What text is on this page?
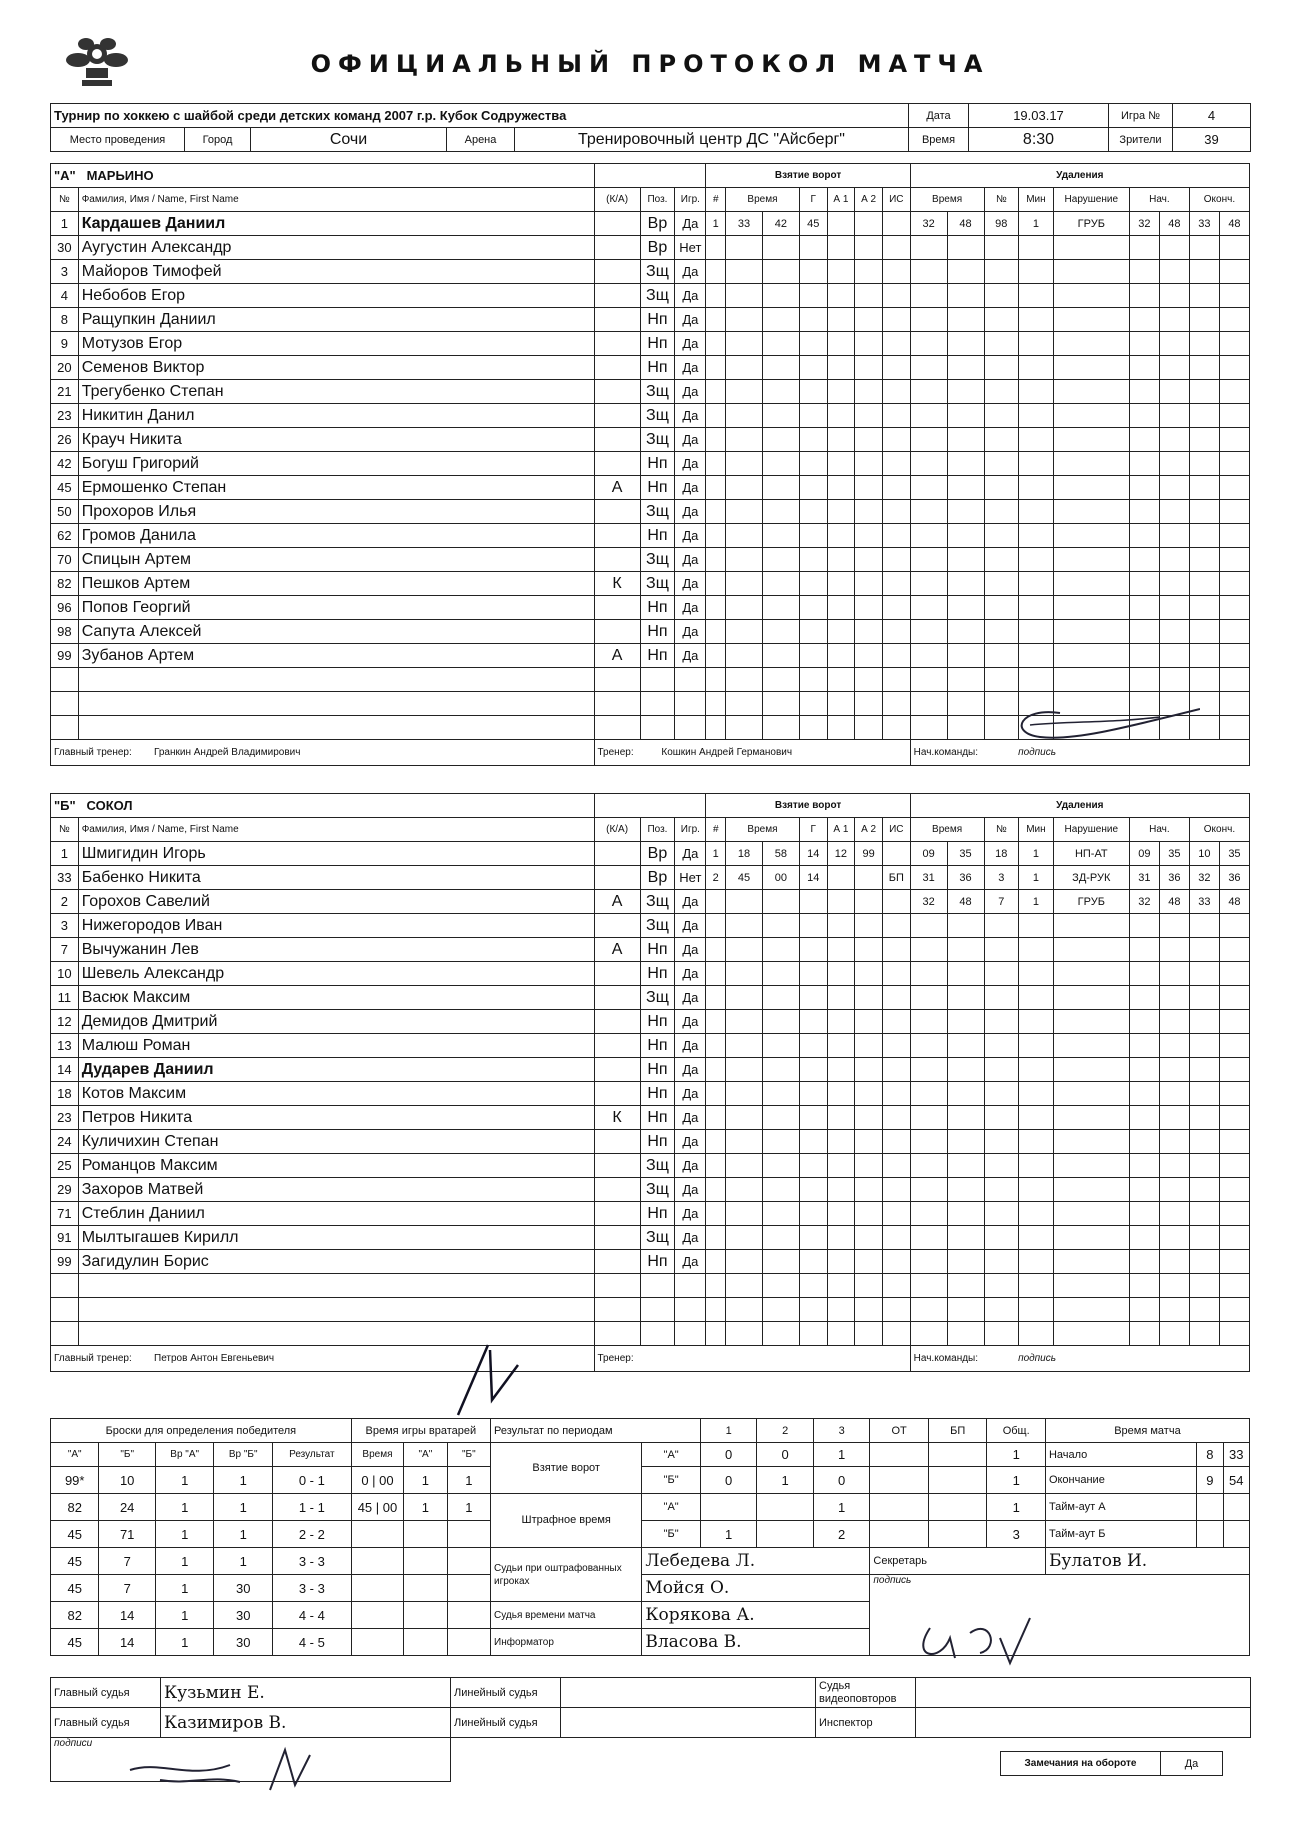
ОФИЦИАЛЬНЫЙ ПРОТОКОЛ МАТЧА
Турнир по хоккею с шайбой среди детских команд 2007 г.р. Кубок Содружества	Дата	19.03.17	Игра №	4
Место проведения	Город	Сочи	Арена	Тренировочный центр ДС "Айсберг"	Время	8:30	Зрители	39
"А" МАРЬИНО					Взятие ворот							Удаления								
№	Фамилия, Имя / Name, First Name	(К/А)	Поз.	Игр.	#	Время		Г	А 1	А 2	ИС	Время		№	Мин	Нарушение	Нач.		Оконч.	
1	Кардашев Даниил		Вр	Да	1	33	42	45				32	48	98	1	ГРУБ	32	48	33	48
30	Аугустин Александр		Вр	Нет																
3	Майоров Тимофей		Зщ	Да																
4	Небобов Егор		Зщ	Да																
8	Ращупкин Даниил		Нп	Да																
9	Мотузов Егор		Нп	Да																
20	Семенов Виктор		Нп	Да																
21	Трегубенко Степан		Зщ	Да																
23	Никитин Данил		Зщ	Да																
26	Крауч Никита		Зщ	Да																
42	Богуш Григорий		Нп	Да																
45	Ермошенко Степан	А	Нп	Да																
50	Прохоров Илья		Зщ	Да																
62	Громов Данила		Нп	Да																
70	Спицын Артем		Зщ	Да																
82	Пешков Артем	К	Зщ	Да																
96	Попов Георгий		Нп	Да																
98	Сапута Алексей		Нп	Да																
99	Зубанов Артем	А	Нп	Да																

Главный тренер: Гранкин Андрей Владимирович		Тренер: Кошкин Андрей Германович										Нач.команды: подпись								
"Б" СОКОЛ					Взятие ворот							Удаления								
№	Фамилия, Имя / Name, First Name	(К/А)	Поз.	Игр.	#	Время		Г	А 1	А 2	ИС	Время		№	Мин	Нарушение	Нач.		Оконч.	
1	Шмигидин Игорь		Вр	Да	1	18	58	14	12	99		09	35	18	1	НП-АТ	09	35	10	35
33	Бабенко Никита		Вр	Нет	2	45	00	14			БП	31	36	3	1	ЗД-РУК	31	36	32	36
2	Горохов Савелий	А	Зщ	Да								32	48	7	1	ГРУБ	32	48	33	48
3	Нижегородов Иван		Зщ	Да																
7	Вычужанин Лев	А	Нп	Да																
10	Шевель Александр		Нп	Да																
11	Васюк Максим		Зщ	Да																
12	Демидов Дмитрий		Нп	Да																
13	Малюш Роман		Нп	Да																
14	Дударев Даниил		Нп	Да																
18	Котов Максим		Нп	Да																
23	Петров Никита	К	Нп	Да																
24	Куличихин Степан		Нп	Да																
25	Романцов Максим		Зщ	Да																
29	Захоров Матвей		Зщ	Да																
71	Стеблин Даниил		Нп	Да																
91	Мылтыгашев Кирилл		Зщ	Да																
99	Загидулин Борис		Нп	Да																

Главный тренер: Петров Антон Евгеньевич		Тренер:										Нач.команды: подпись								
Броски для определения победителя					Время игры вратарей			Результат по периодам		1	2	3	ОТ	БП	Общ.	Время матча		
"А"	"Б"	Вр "А"	Вр "Б"	Результат	Время	"А"	"Б"	Взятие ворот	"А"	0	0	1			1	Начало	8	33
99*	10	1	1	0 - 1	0 | 00	1	1		"Б"	0	1	0			1	Окончание	9	54
82	24	1	1	1 - 1	45 | 00	1	1	Штрафное время	"А"			1			1	Тайм-аут А		
45	71	1	1	2 - 2					"Б"	1		2			3	Тайм-аут Б		
45	7	1	1	3 - 3				Судьи при оштрафованных игроках	Лебедева Л.				Секретарь			Булатов И.		
45	7	1	30	3 - 3					Мойся О.				подпись					
82	14	1	30	4 - 4				Судья времени матча	Корякова А.									
45	14	1	30	4 - 5				Информатор	Власова В.									
Главный судья	Кузьмин Е.	Линейный судья		Судья видеоповторов	
Главный судья	Казимиров В.	Линейный судья		Инспектор	
подписи					
Замечания на обороте	Да
